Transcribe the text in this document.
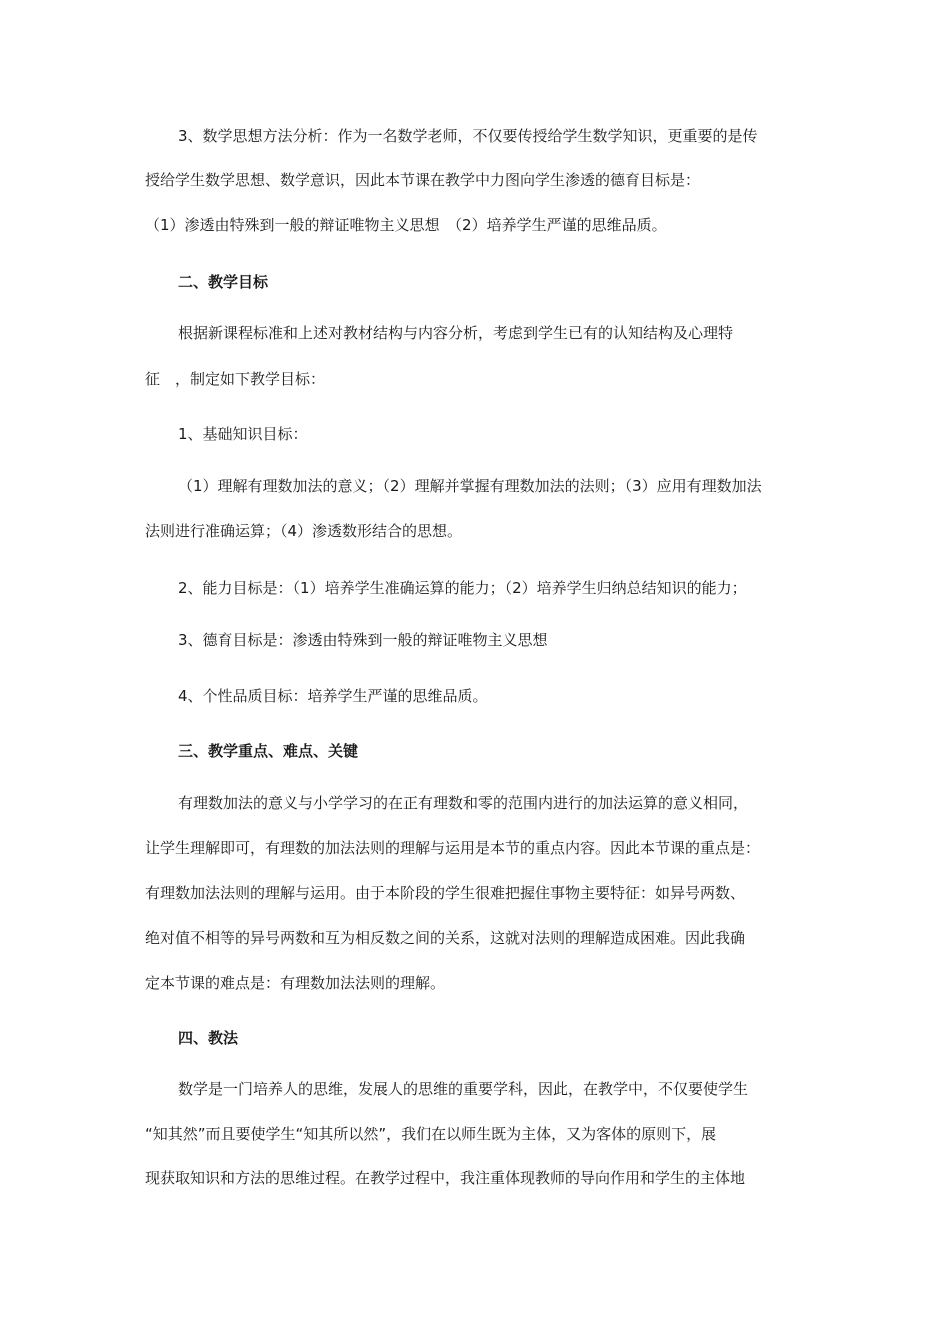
3、数学思想方法分析：作为一名数学老师，不仅要传授给学生数学知识，更重要的是传
授给学生数学思想、数学意识，因此本节课在教学中力图向学生渗透的德育目标是：
（1）渗透由特殊到一般的辩证唯物主义思想　（2）培养学生严谨的思维品质。
二、教学目标
根据新课程标准和上述对教材结构与内容分析，考虑到学生已有的认知结构及心理特
征　，制定如下教学目标：
1、基础知识目标：
（1）理解有理数加法的意义；（2）理解并掌握有理数加法的法则；（3）应用有理数加法
法则进行准确运算；（4）渗透数形结合的思想。
2、能力目标是：（1）培养学生准确运算的能力；（2）培养学生归纳总结知识的能力；
3、德育目标是：渗透由特殊到一般的辩证唯物主义思想
4、个性品质目标：培养学生严谨的思维品质。
三、教学重点、难点、关键
有理数加法的意义与小学学习的在正有理数和零的范围内进行的加法运算的意义相同，
让学生理解即可，有理数的加法法则的理解与运用是本节的重点内容。因此本节课的重点是：
有理数加法法则的理解与运用。由于本阶段的学生很难把握住事物主要特征：如异号两数、
绝对值不相等的异号两数和互为相反数之间的关系，这就对法则的理解造成困难。因此我确
定本节课的难点是：有理数加法法则的理解。
四、教法
数学是一门培养人的思维，发展人的思维的重要学科，因此，在教学中，不仅要使学生
“知其然”而且要使学生“知其所以然”，我们在以师生既为主体，又为客体的原则下，展
现获取知识和方法的思维过程。在教学过程中，我注重体现教师的导向作用和学生的主体地
